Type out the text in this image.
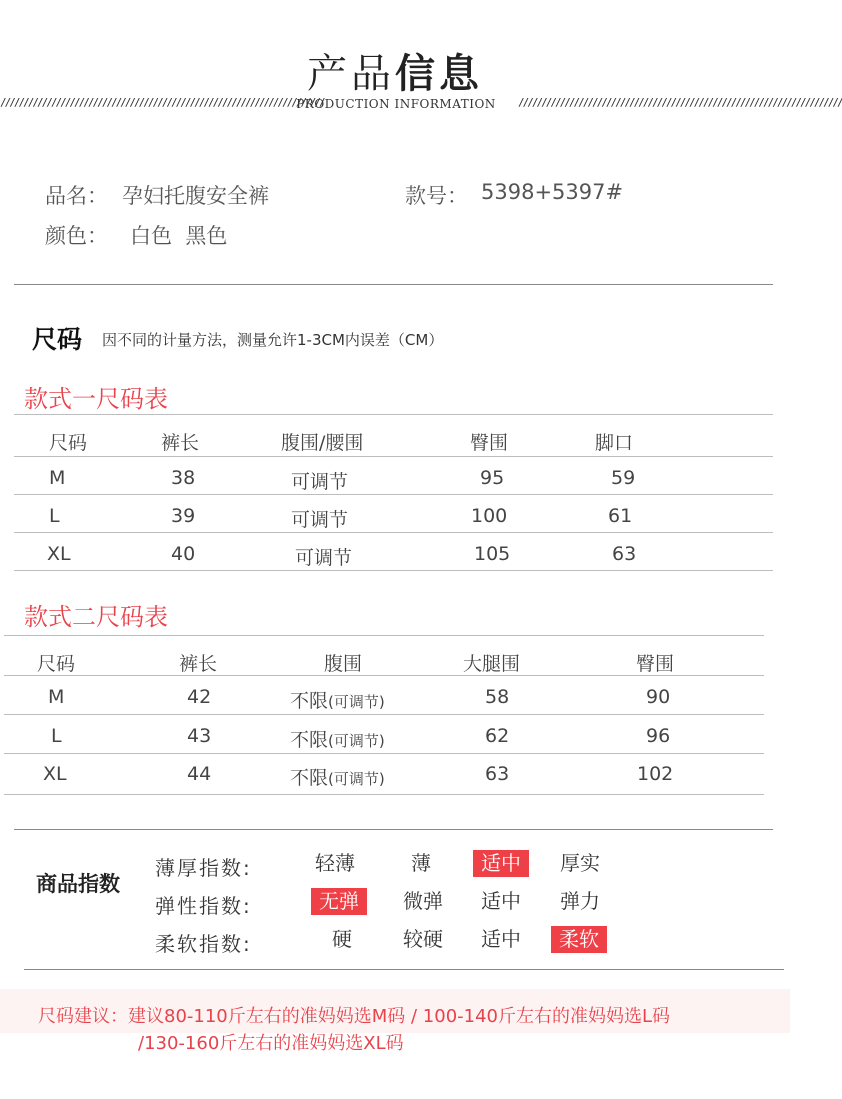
产品信息
//////////////////////////////////////////////////////////////////////
PRODUCTION INFORMATION	//////////////////////////////////////////////////////////////////////
品名： 孕妇托腹安全裤	款号： 5398+5397#
颜色： 白色  黑色
尺码 因不同的计量方法，测量允许1-3CM内误差（CM）
款式一尺码表
尺码	裤长	腹围/腰围	臀围	脚口
M	38	可调节	95	59
L	39	可调节	100	61
XL	40	可调节	105	63
款式二尺码表
尺码	裤长	腹围	大腿围	臀围
M	42	不限(可调节)	58	90
L	43	不限(可调节)	62	96
XL	44	不限(可调节)	63	102
商品指数
薄厚指数:	轻薄	薄	适中	厚实
弹性指数:	无弹	微弹	适中	弹力
柔软指数:	硬	较硬	适中	柔软
尺码建议：建议80-110斤左右的准妈妈选M码 / 100-140斤左右的准妈妈选L码
/130-160斤左右的准妈妈选XL码
